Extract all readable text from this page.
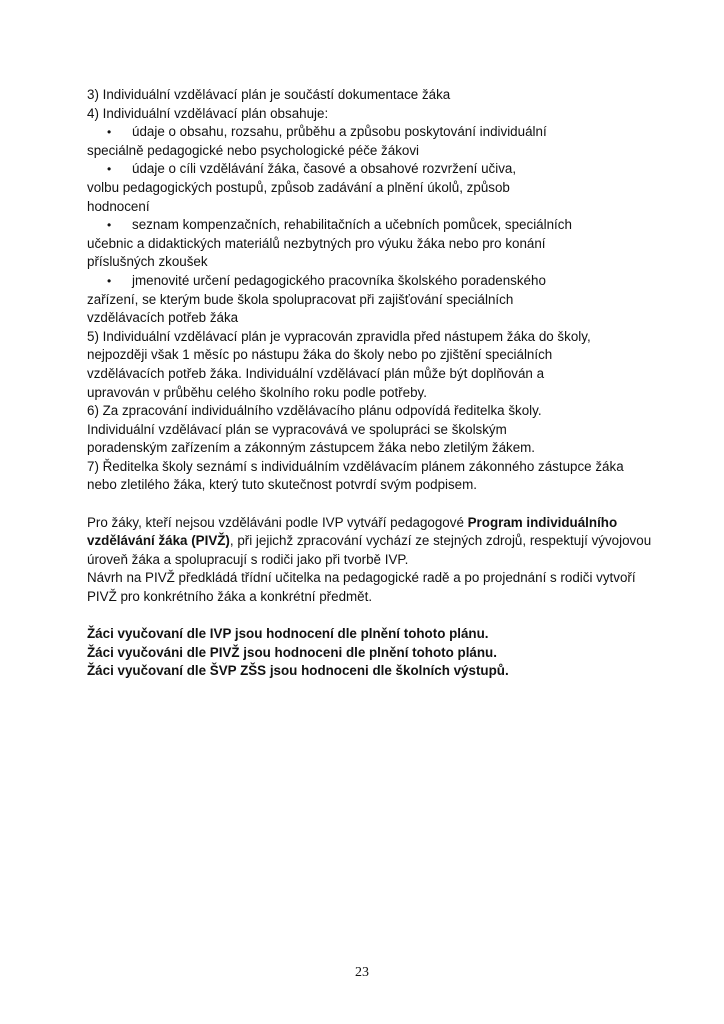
3) Individuální vzdělávací plán je součástí dokumentace žáka
4) Individuální vzdělávací plán obsahuje:
• údaje o obsahu, rozsahu, průběhu a způsobu poskytování individuální
speciálně pedagogické nebo psychologické péče žákovi
• údaje o cíli vzdělávání žáka, časové a obsahové rozvržení učiva,
volbu pedagogických postupů, způsob zadávání a plnění úkolů, způsob
hodnocení
• seznam kompenzačních, rehabilitačních a učebních pomůcek, speciálních
učebnic a didaktických materiálů nezbytných pro výuku žáka nebo pro konání
příslušných zkoušek
• jmenovité určení pedagogického pracovníka školského poradenského
zařízení, se kterým bude škola spolupracovat při zajišťování speciálních
vzdělávacích potřeb žáka
5) Individuální vzdělávací plán je vypracován zpravidla před nástupem žáka do školy,
nejpozději však 1 měsíc po nástupu žáka do školy nebo po zjištění speciálních
vzdělávacích potřeb žáka. Individuální vzdělávací plán může být doplňován a
upravován v průběhu celého školního roku podle potřeby.
6) Za zpracování individuálního vzdělávacího plánu odpovídá ředitelka školy.
Individuální vzdělávací plán se vypracovává ve spolupráci se školským
poradenským zařízením a zákonným zástupcem žáka nebo zletilým žákem.
7) Ředitelka školy seznámí s individuálním vzdělávacím plánem zákonného zástupce žáka
nebo zletilého žáka, který tuto skutečnost potvrdí svým podpisem.
Pro žáky, kteří nejsou vzděláváni podle IVP vytváří pedagogové Program individuálního
vzdělávání žáka (PIVŽ), při jejichž zpracování vychází ze stejných zdrojů, respektují vývojovou
úroveň žáka a spolupracují s rodiči jako při tvorbě IVP.
Návrh na PIVŽ předkládá třídní učitelka na pedagogické radě a po projednání s rodiči vytvoří
PIVŽ pro konkrétního žáka a konkrétní předmět.
Žáci vyučovaní dle IVP jsou hodnocení dle plnění tohoto plánu.
Žáci vyučováni dle PIVŽ jsou hodnoceni dle plnění tohoto plánu.
Žáci vyučovaní dle ŠVP ZŠS jsou hodnoceni dle školních výstupů.
23
